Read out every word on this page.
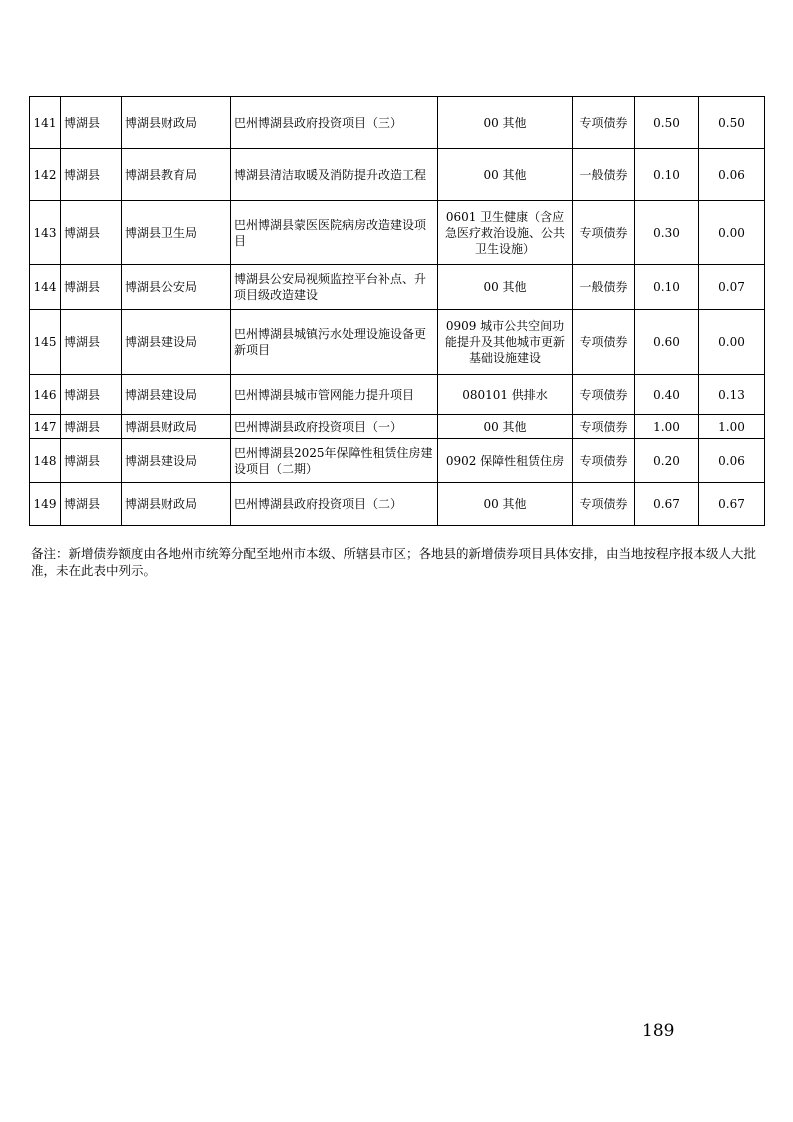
141	博湖县	博湖县财政局	巴州博湖县政府投资项目（三）	00 其他	专项债券	0.50	0.50
142	博湖县	博湖县教育局	博湖县清洁取暖及消防提升改造工程	00 其他	一般债券	0.10	0.06
143	博湖县	博湖县卫生局	巴州博湖县蒙医医院病房改造建设项目	0601 卫生健康（含应急医疗救治设施、公共卫生设施）	专项债券	0.30	0.00
144	博湖县	博湖县公安局	博湖县公安局视频监控平台补点、升项目级改造建设	00 其他	一般债券	0.10	0.07
145	博湖县	博湖县建设局	巴州博湖县城镇污水处理设施设备更新项目	0909 城市公共空间功能提升及其他城市更新基础设施建设	专项债券	0.60	0.00
146	博湖县	博湖县建设局	巴州博湖县城市管网能力提升项目	080101 供排水	专项债券	0.40	0.13
147	博湖县	博湖县财政局	巴州博湖县政府投资项目（一）	00 其他	专项债券	1.00	1.00
148	博湖县	博湖县建设局	巴州博湖县2025年保障性租赁住房建设项目（二期）	0902 保障性租赁住房	专项债券	0.20	0.06
149	博湖县	博湖县财政局	巴州博湖县政府投资项目（二）	00 其他	专项债券	0.67	0.67

备注：新增债券额度由各地州市统筹分配至地州市本级、所辖县市区；各地县的新增债券项目具体安排，由当地按程序报本级人大批准，未在此表中列示。

189
